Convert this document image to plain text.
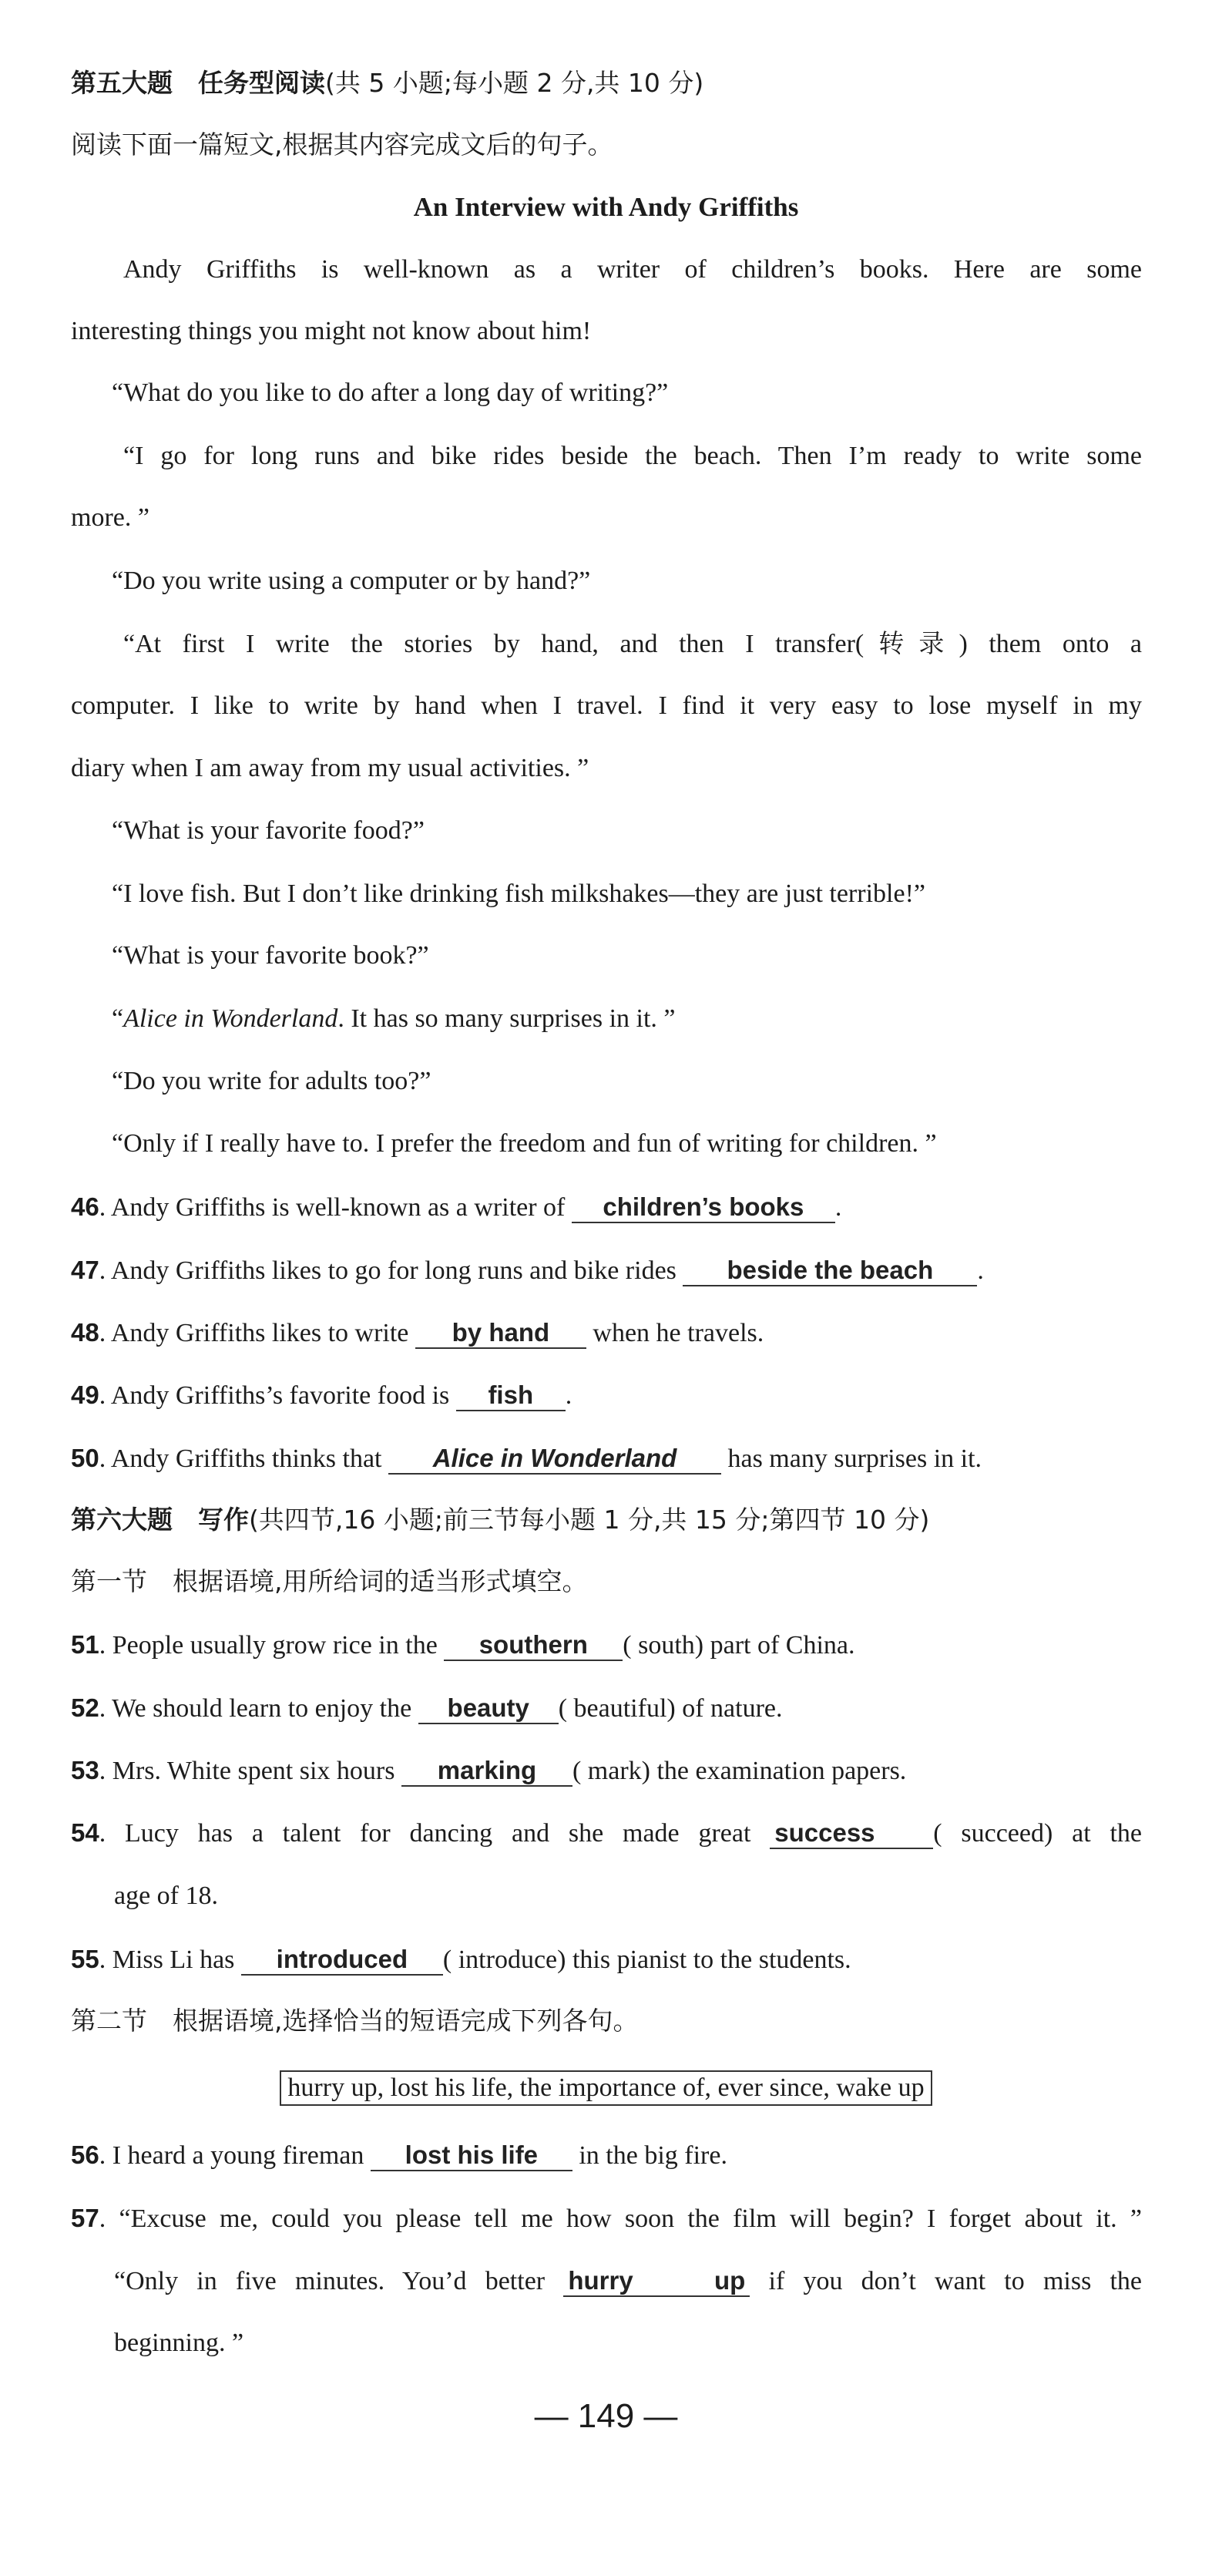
第五大题　任务型阅读(共 5 小题;每小题 2 分,共 10 分)
阅读下面一篇短文,根据其内容完成文后的句子。
An Interview with Andy Griffiths
Andy Griffiths is well-known as a writer of children’s books. Here are some
interesting things you might not know about him!
“What do you like to do after a long day of writing?”
“I go for long runs and bike rides beside the beach. Then I’m ready to write some
more. ”
“Do you write using a computer or by hand?”
“At first I write the stories by hand, and then I transfer(转录) them onto a
computer. I like to write by hand when I travel. I find it very easy to lose myself in my
diary when I am away from my usual activities. ”
“What is your favorite food?”
“I love fish. But I don’t like drinking fish milkshakes—they are just terrible!”
“What is your favorite book?”
“Alice in Wonderland. It has so many surprises in it. ”
“Do you write for adults too?”
“Only if I really have to. I prefer the freedom and fun of writing for children. ”
46. Andy Griffiths is well-known as a writer of children’s books .
47. Andy Griffiths likes to go for long runs and bike rides beside the beach .
48. Andy Griffiths likes to write by hand when he travels.
49. Andy Griffiths’s favorite food is fish .
50. Andy Griffiths thinks that Alice in Wonderland has many surprises in it.
第六大题　写作(共四节,16 小题;前三节每小题 1 分,共 15 分;第四节 10 分)
第一节　根据语境,用所给词的适当形式填空。
51. People usually grow rice in the southern ( south) part of China.
52. We should learn to enjoy the beauty ( beautiful) of nature.
53. Mrs. White spent six hours marking ( mark) the examination papers.
54. Lucy has a talent for dancing and she made great success ( succeed) at the
age of 18.
55. Miss Li has introduced ( introduce) this pianist to the students.
第二节　根据语境,选择恰当的短语完成下列各句。
hurry up, lost his life, the importance of, ever since, wake up
56. I heard a young fireman lost his life in the big fire.
57. “Excuse me, could you please tell me how soon the film will begin? I forget about it. ”
“Only in five minutes. You’d better hurry up if you don’t want to miss the
beginning. ”
— 149 —
